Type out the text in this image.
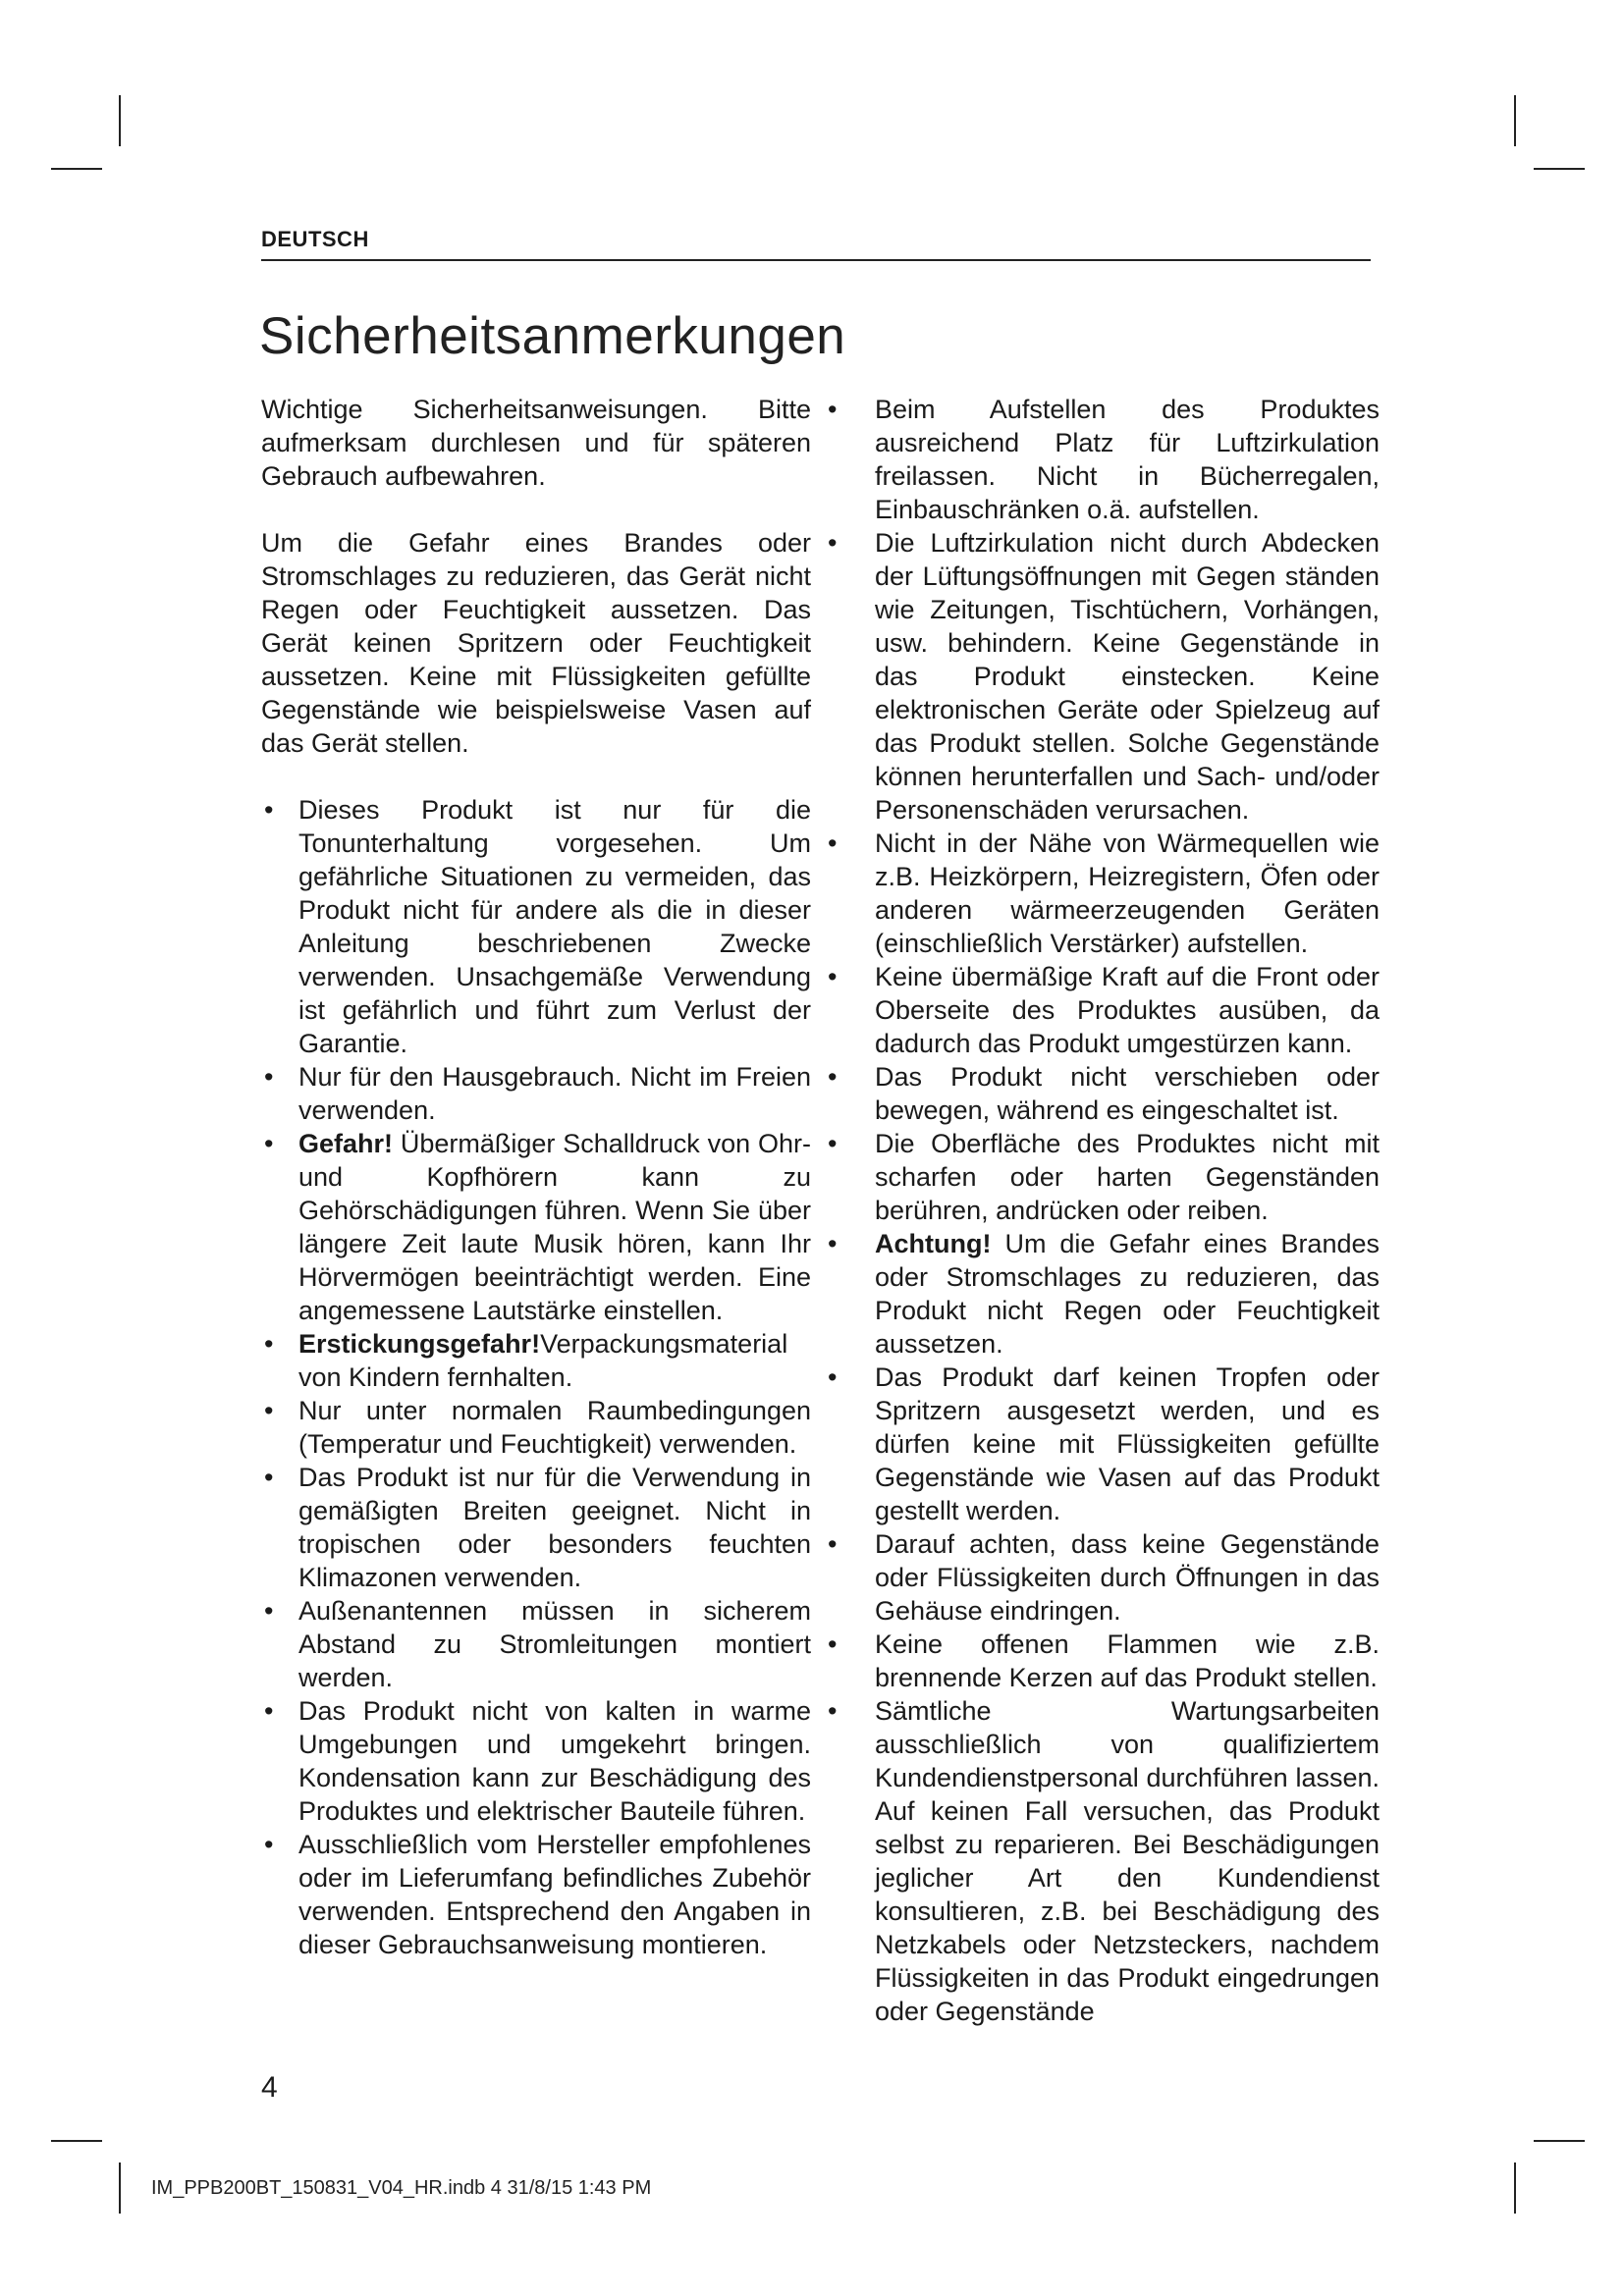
DEUTSCH
Sicherheitsanmerkungen

Wichtige Sicherheitsanweisungen. Bitte aufmerksam durchlesen und für späteren Gebrauch aufbewahren.

Um die Gefahr eines Brandes oder Stromschlages zu reduzieren, das Gerät nicht Regen oder Feuchtigkeit aussetzen. Das Gerät keinen Spritzern oder Feuchtigkeit aussetzen. Keine mit Flüssigkeiten gefüllte Gegenstände wie beispielsweise Vasen auf das Gerät stellen.

• Dieses Produkt ist nur für die Tonunterhaltung vorgesehen. Um gefährliche Situationen zu vermeiden, das Produkt nicht für andere als die in dieser Anleitung beschriebenen Zwecke verwenden. Unsachgemäße Verwendung ist gefährlich und führt zum Verlust der Garantie.
• Nur für den Hausgebrauch. Nicht im Freien verwenden.
• Gefahr! Übermäßiger Schalldruck von Ohr- und Kopfhörern kann zu Gehörschädigungen führen. Wenn Sie über längere Zeit laute Musik hören, kann Ihr Hörvermögen beeinträchtigt werden. Eine angemessene Lautstärke einstellen.
• Erstickungsgefahr!Verpackungsmaterial von Kindern fernhalten.
• Nur unter normalen Raumbedingungen (Temperatur und Feuchtigkeit) verwenden.
• Das Produkt ist nur für die Verwendung in gemäßigten Breiten geeignet. Nicht in tropischen oder besonders feuchten Klimazonen verwenden.
• Außenantennen müssen in sicherem Abstand zu Stromleitungen montiert werden.
• Das Produkt nicht von kalten in warme Umgebungen und umgekehrt bringen. Kondensation kann zur Beschädigung des Produktes und elektrischer Bauteile führen.
• Ausschließlich vom Hersteller empfohlenes oder im Lieferumfang befindliches Zubehör verwenden. Entsprechend den Angaben in dieser Gebrauchsanweisung montieren.
• Beim Aufstellen des Produktes ausreichend Platz für Luftzirkulation freilassen. Nicht in Bücherregalen, Einbauschränken o.ä. aufstellen.
• Die Luftzirkulation nicht durch Abdecken der Lüftungsöffnungen mit Gegen ständen wie Zeitungen, Tischtüchern, Vorhängen, usw. behindern. Keine Gegenstände in das Produkt einstecken. Keine elektronischen Geräte oder Spielzeug auf das Produkt stellen. Solche Gegenstände können herunterfallen und Sach- und/oder Personenschäden verursachen.
• Nicht in der Nähe von Wärmequellen wie z.B. Heizkörpern, Heizregistern, Öfen oder anderen wärmeerzeugenden Geräten (einschließlich Verstärker) aufstellen.
• Keine übermäßige Kraft auf die Front oder Oberseite des Produktes ausüben, da dadurch das Produkt umgestürzen kann.
• Das Produkt nicht verschieben oder bewegen, während es eingeschaltet ist.
• Die Oberfläche des Produktes nicht mit scharfen oder harten Gegenständen berühren, andrücken oder reiben.
• Achtung! Um die Gefahr eines Brandes oder Stromschlages zu reduzieren, das Produkt nicht Regen oder Feuchtigkeit aussetzen.
• Das Produkt darf keinen Tropfen oder Spritzern ausgesetzt werden, und es dürfen keine mit Flüssigkeiten gefüllte Gegenstände wie Vasen auf das Produkt gestellt werden.
• Darauf achten, dass keine Gegenstände oder Flüssigkeiten durch Öffnungen in das Gehäuse eindringen.
• Keine offenen Flammen wie z.B. brennende Kerzen auf das Produkt stellen.
• Sämtliche Wartungsarbeiten ausschließlich von qualifiziertem Kundendienstpersonal durchführen lassen. Auf keinen Fall versuchen, das Produkt selbst zu reparieren. Bei Beschädigungen jeglicher Art den Kundendienst konsultieren, z.B. bei Beschädigung des Netzkabels oder Netzsteckers, nachdem Flüssigkeiten in das Produkt eingedrungen oder Gegenstände

4

IM_PPB200BT_150831_V04_HR.indb 4 31/8/15 1:43 PM
